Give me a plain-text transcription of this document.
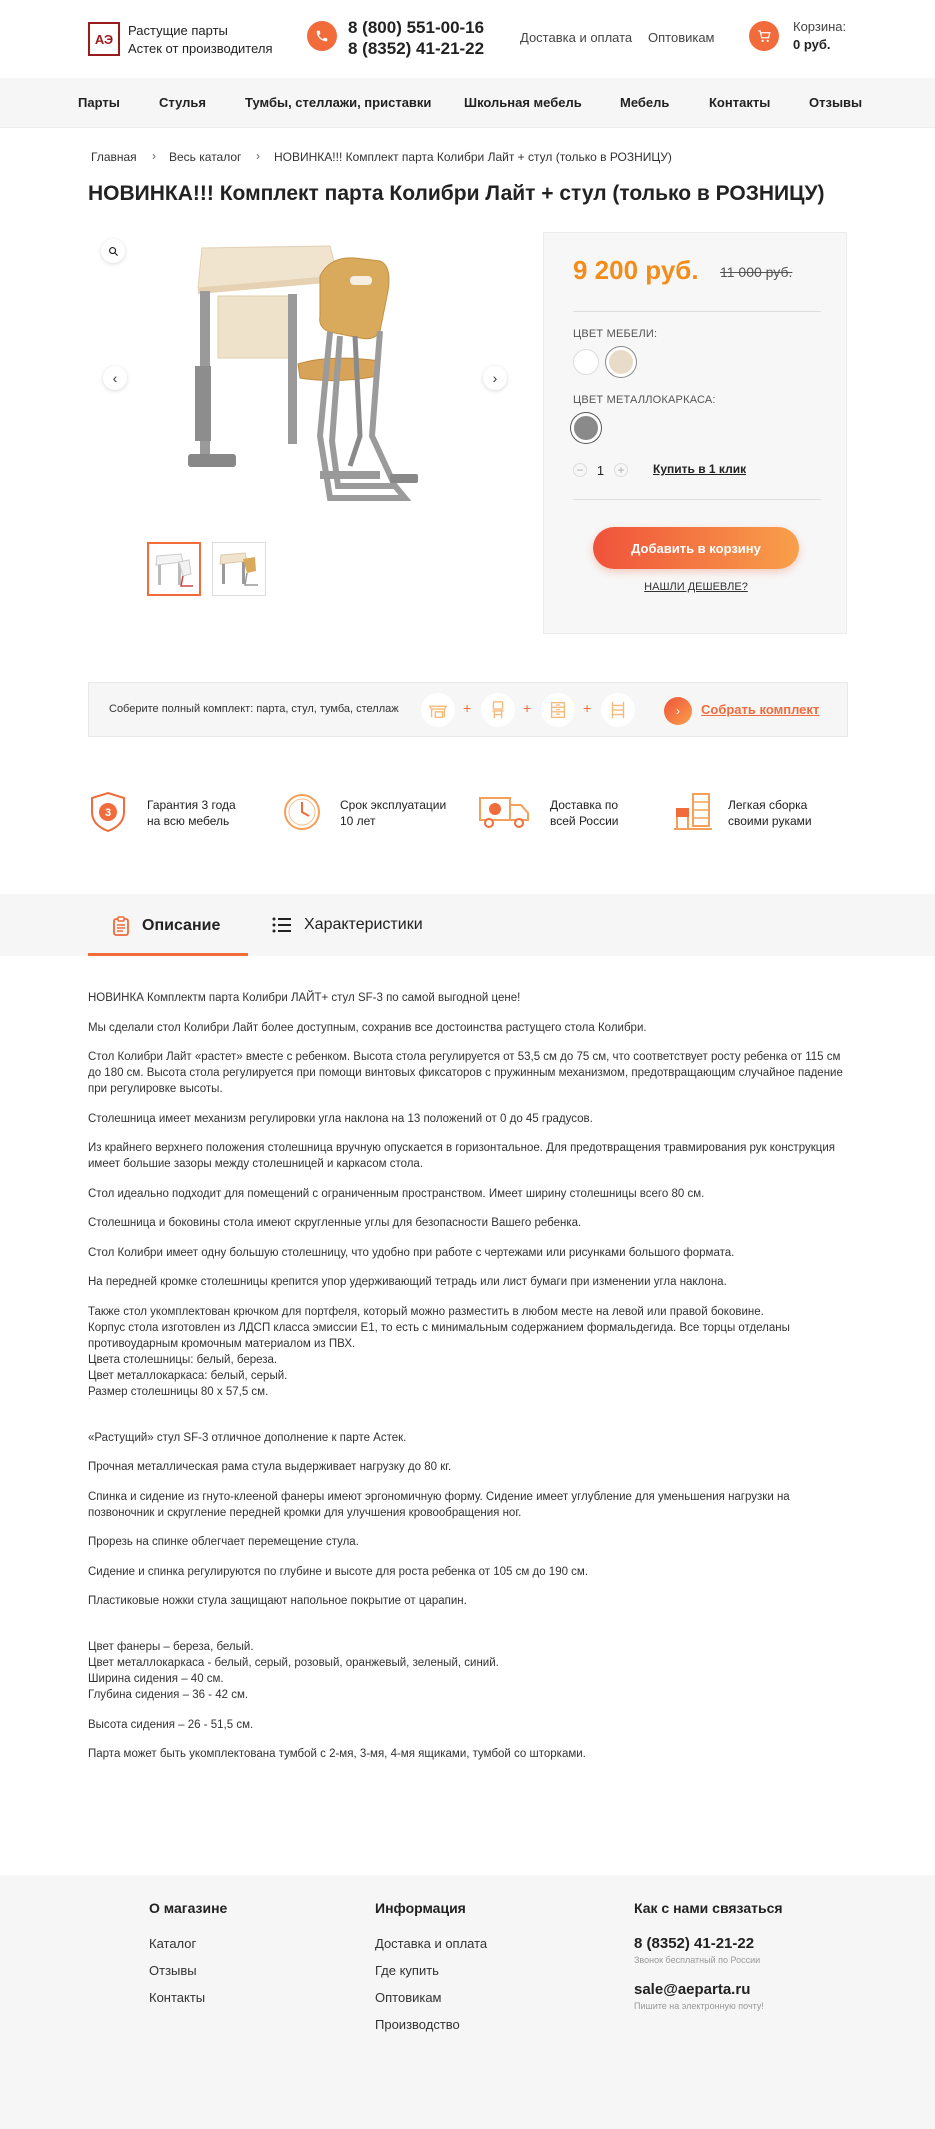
АЭ
Растущие парты
Астек от производителя
8 (800) 551-00-16
8 (8352) 41-21-22
Доставка и оплата Оптовикам
Корзина:
0 руб.
Парты	Стулья	Тумбы, стеллажи, приставки	Школьная мебель	Мебель	Контакты	Отзывы
Главная › Весь каталог › НОВИНКА!!! Комплект парта Колибри Лайт + стул (только в РОЗНИЦУ)
НОВИНКА!!! Комплект парта Колибри Лайт + стул (только в РОЗНИЦУ)
‹	›
9 200 руб. 11 000 руб.
ЦВЕТ МЕБЕЛИ:
ЦВЕТ МЕТАЛЛОКАРКАСА:
− 1 + Купить в 1 клик
Добавить в корзину
НАШЛИ ДЕШЕВЛЕ?
Соберите полный комплект: парта, стул, тумба, стеллаж	+	+	+	›	Собрать комплект
3
Гарантия 3 года
на всю мебель
Срок эксплуатации
10 лет
Доставка по
всей России
Легкая сборка
своими руками
Описание	Характеристики

НОВИНКА Комплектм парта Колибри ЛАЙТ+ стул SF-3 по самой выгодной цене!

Мы сделали стол Колибри Лайт более доступным, сохранив все достоинства растущего стола Колибри.

Стол Колибри Лайт «растет» вместе с ребенком. Высота стола регулируется от 53,5 см до 75 см, что соответствует росту ребенка от 115 см до 180 см. Высота стола регулируется при помощи винтовых фиксаторов с пружинным механизмом, предотвращающим случайное падение при регулировке высоты.

Столешница имеет механизм регулировки угла наклона на 13 положений от 0 до 45 градусов.

Из крайнего верхнего положения столешница вручную опускается в горизонтальное. Для предотвращения травмирования рук конструкция имеет большие зазоры между столешницей и каркасом стола.

Стол идеально подходит для помещений с ограниченным пространством. Имеет ширину столешницы всего 80 см.

Столешница и боковины стола имеют скругленные углы для безопасности Вашего ребенка.

Стол Колибри имеет одну большую столешницу, что удобно при работе с чертежами или рисунками большого формата.

На передней кромке столешницы крепится упор удерживающий тетрадь или лист бумаги при изменении угла наклона.

Также стол укомплектован крючком для портфеля, который можно разместить в любом месте на левой или правой боковине.
Корпус стола изготовлен из ЛДСП класса эмиссии Е1, то есть с минимальным содержанием формальдегида. Все торцы отделаны противоударным кромочным материалом из ПВХ.
Цвета столешницы: белый, береза.
Цвет металлокаркаса: белый, серый.
Размер столешницы 80 х 57,5 см.

«Растущий» стул SF-3 отличное дополнение к парте Астек.

Прочная металлическая рама стула выдерживает нагрузку до 80 кг.

Спинка и сидение из гнуто-клееной фанеры имеют эргономичную форму. Сидение имеет углубление для уменьшения нагрузки на позвоночник и скругление передней кромки для улучшения кровообращения ног.

Прорезь на спинке облегчает перемещение стула.

Сидение и спинка регулируются по глубине и высоте для роста ребенка от 105 см до 190 см.

Пластиковые ножки стула защищают напольное покрытие от царапин.

Цвет фанеры – береза, белый.
Цвет металлокаркаса - белый, серый, розовый, оранжевый, зеленый, синий.
Ширина сидения – 40 см.
Глубина сидения – 36 - 42 см.

Высота сидения – 26 - 51,5 см.

Парта может быть укомплектована тумбой с 2-мя, 3-мя, 4-мя ящиками, тумбой со шторками.

О магазине
Каталог
Отзывы
Контакты
Информация
Доставка и оплата
Где купить
Оптовикам
Производство
Как с нами связаться
8 (8352) 41-21-22
Звонок бесплатный по России
sale@aeparta.ru
Пишите на электронную почту!
